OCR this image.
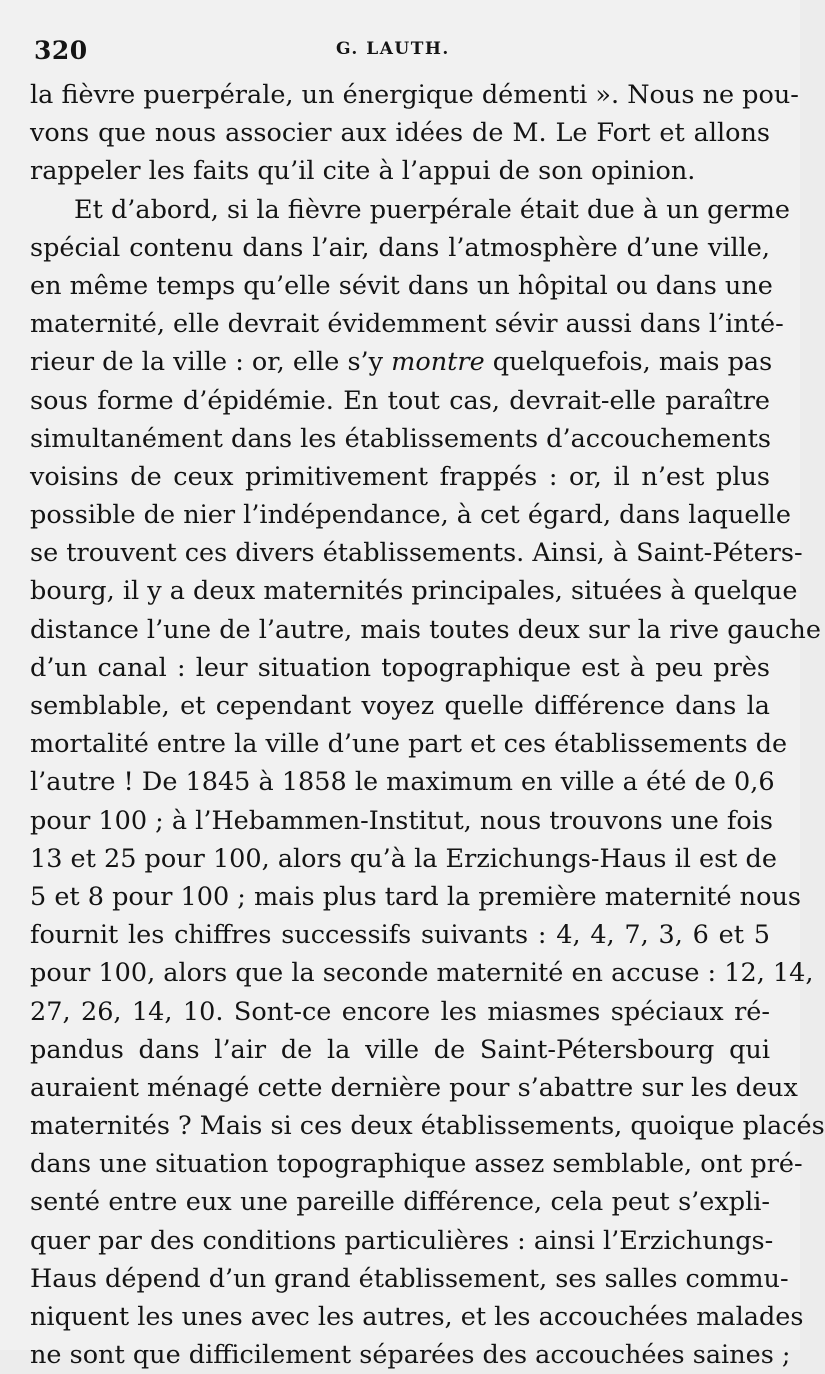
320	G. LAUTH.
la fièvre puerpérale, un énergique démenti ». Nous ne pou-
vons que nous associer aux idées de M. Le Fort et allons
rappeler les faits qu’il cite à l’appui de son opinion.
Et d’abord, si la fièvre puerpérale était due à un germe
spécial contenu dans l’air, dans l’atmosphère d’une ville,
en même temps qu’elle sévit dans un hôpital ou dans une
maternité, elle devrait évidemment sévir aussi dans l’inté-
rieur de la ville : or, elle s’y montre quelquefois, mais pas
sous forme d’épidémie. En tout cas, devrait-elle paraître
simultanément dans les établissements d’accouchements
voisins de ceux primitivement frappés : or, il n’est plus
possible de nier l’indépendance, à cet égard, dans laquelle
se trouvent ces divers établissements. Ainsi, à Saint-Péters-
bourg, il y a deux maternités principales, situées à quelque
distance l’une de l’autre, mais toutes deux sur la rive gauche
d’un canal : leur situation topographique est à peu près
semblable, et cependant voyez quelle différence dans la
mortalité entre la ville d’une part et ces établissements de
l’autre ! De 1845 à 1858 le maximum en ville a été de 0,6
pour 100 ; à l’Hebammen-Institut, nous trouvons une fois
13 et 25 pour 100, alors qu’à la Erzichungs-Haus il est de
5 et 8 pour 100 ; mais plus tard la première maternité nous
fournit les chiffres successifs suivants : 4, 4, 7, 3, 6 et 5
pour 100, alors que la seconde maternité en accuse : 12, 14,
27, 26, 14, 10. Sont-ce encore les miasmes spéciaux ré-
pandus dans l’air de la ville de Saint-Pétersbourg qui
auraient ménagé cette dernière pour s’abattre sur les deux
maternités ? Mais si ces deux établissements, quoique placés
dans une situation topographique assez semblable, ont pré-
senté entre eux une pareille différence, cela peut s’expli-
quer par des conditions particulières : ainsi l’Erzichungs-
Haus dépend d’un grand établissement, ses salles commu-
niquent les unes avec les autres, et les accouchées malades
ne sont que difficilement séparées des accouchées saines ;
